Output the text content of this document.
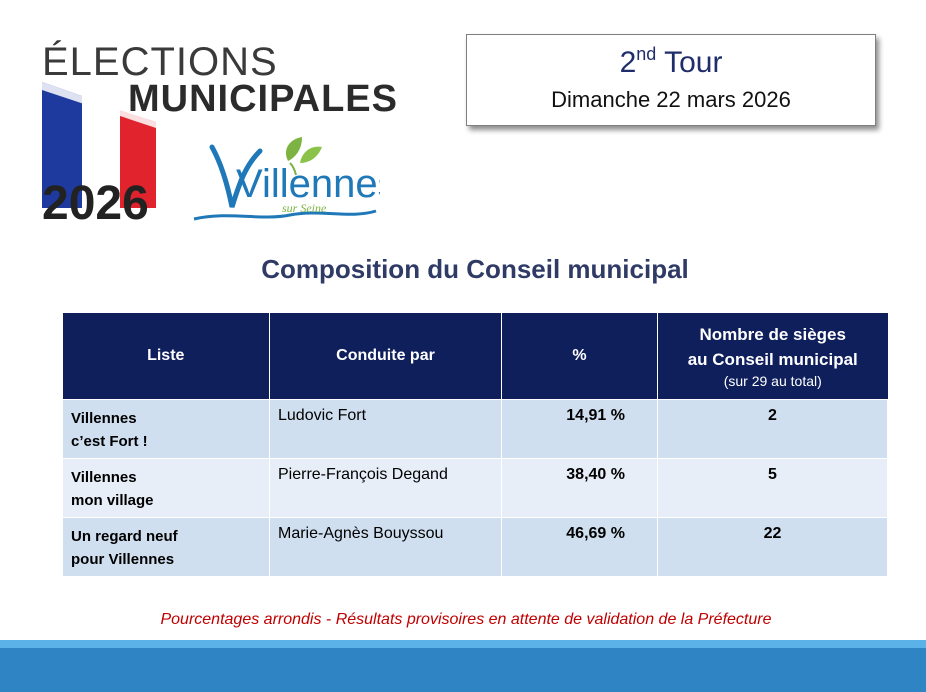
ÉLECTIONS
MUNICIPALES
2026 Villenne
sur Seine
2nd Tour
Dimanche 22 mars 2026
Composition du Conseil municipal
Liste	Conduite par	%	Nombre de sièges
au Conseil municipal
(sur 29 au total)

Villennes
c’est Fort !	Ludovic Fort	14,91 %	2

Villennes
mon village	Pierre-François Degand	38,40 %	5

Un regard neuf
pour Villennes	Marie-Agnès Bouyssou	46,69 %	22
Pourcentages arrondis - Résultats provisoires en attente de validation de la Préfecture
